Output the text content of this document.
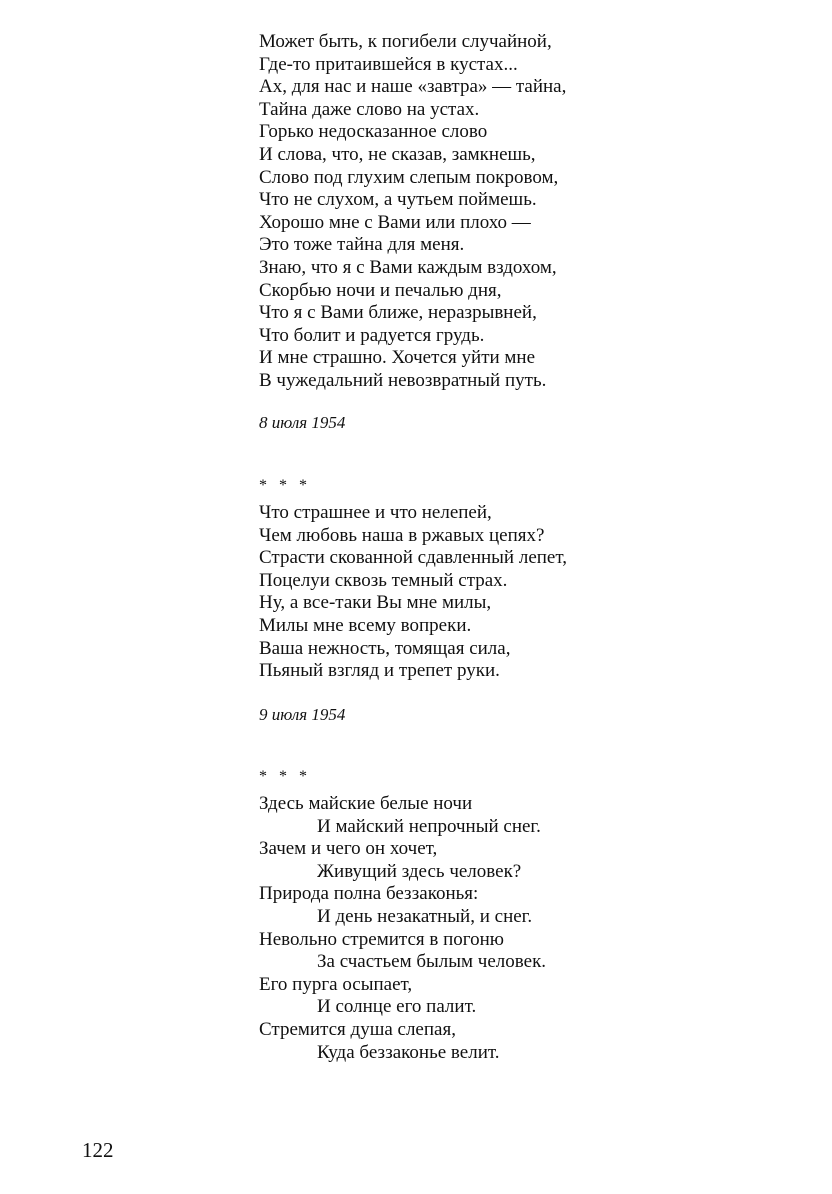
Может быть, к погибели случайной,
Где-то притаившейся в кустах...
Ах, для нас и наше «завтра» — тайна,
Тайна даже слово на устах.
Горько недосказанное слово
И слова, что, не сказав, замкнешь,
Слово под глухим слепым покровом,
Что не слухом, а чутьем поймешь.
Хорошо мне с Вами или плохо —
Это тоже тайна для меня.
Знаю, что я с Вами каждым вздохом,
Скорбью ночи и печалью дня,
Что я с Вами ближе, неразрывней,
Что болит и радуется грудь.
И мне страшно. Хочется уйти мне
В чужедальний невозвратный путь.
8 июля 1954
* * *
Что страшнее и что нелепей,
Чем любовь наша в ржавых цепях?
Страсти скованной сдавленный лепет,
Поцелуи сквозь темный страх.
Ну, а все-таки Вы мне милы,
Милы мне всему вопреки.
Ваша нежность, томящая сила,
Пьяный взгляд и трепет руки.
9 июля 1954
* * *
Здесь майские белые ночи
И майский непрочный снег.
Зачем и чего он хочет,
Живущий здесь человек?
Природа полна беззаконья:
И день незакатный, и снег.
Невольно стремится в погоню
За счастьем былым человек.
Его пурга осыпает,
И солнце его палит.
Стремится душа слепая,
Куда беззаконье велит.
122
